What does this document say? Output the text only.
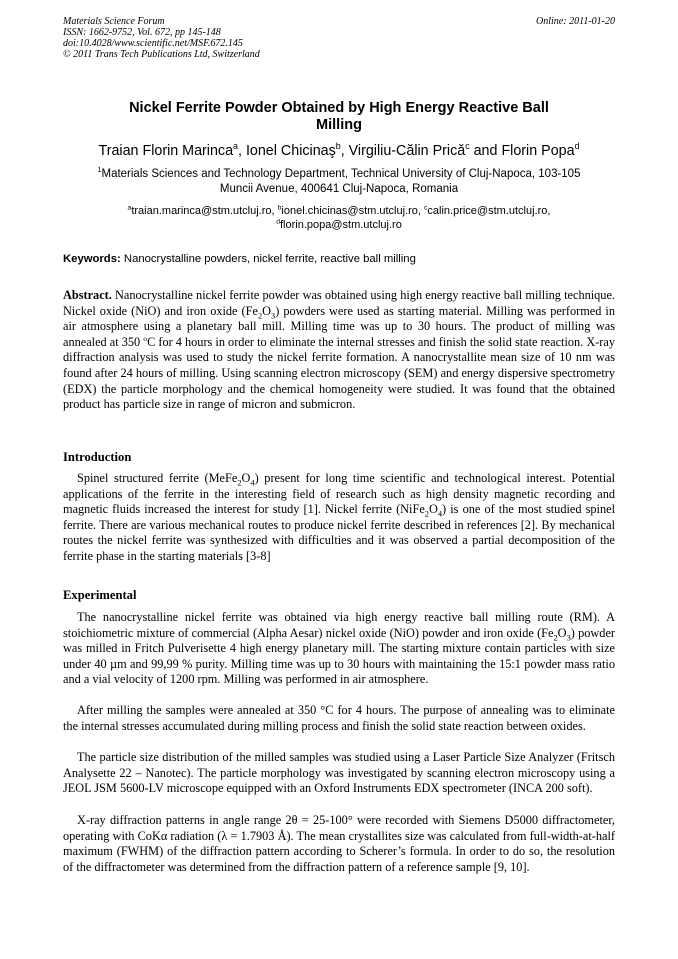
Materials Science Forum
ISSN: 1662-9752, Vol. 672, pp 145-148
doi:10.4028/www.scientific.net/MSF.672.145
© 2011 Trans Tech Publications Ltd, Switzerland
Online: 2011-01-20
Nickel Ferrite Powder Obtained by High Energy Reactive Ball
Milling
Traian Florin Marinca$^a$, Ionel Chicinaş$^b$, Virgiliu-Călin Pricǎ$^c$ and Florin Popa$^d$
$^1$Materials Sciences and Technology Department, Technical University of Cluj-Napoca, 103-105
Muncii Avenue, 400641 Cluj-Napoca, Romania
$^a$traian.marinca@stm.utcluj.ro, $^b$ionel.chicinas@stm.utcluj.ro, $^c$calin.price@stm.utcluj.ro,
$^d$florin.popa@stm.utcluj.ro
Keywords: Nanocrystalline powders, nickel ferrite, reactive ball milling

Abstract. Nanocrystalline nickel ferrite powder was obtained using high energy reactive ball milling technique. Nickel oxide (NiO) and iron oxide $(Fe_2O_3)$ powders were used as starting material. Milling was performed in air atmosphere using a planetary ball mill. Milling time was up to 30 hours. The product of milling was annealed at 350 $^o$C for 4 hours in order to eliminate the internal stresses and finish the solid state reaction. X-ray diffraction analysis was used to study the nickel ferrite formation. A nanocrystallite mean size of 10 nm was found after 24 hours of milling. Using scanning electron microscopy (SEM) and energy dispersive spectrometry (EDX) the particle morphology and the chemical homogeneity were studied. It was found that the obtained product has particle size in range of micron and submicron.

Introduction

Spinel structured ferrite $(MeFe_2O_4)$ present for long time scientific and technological interest. Potential applications of the ferrite in the interesting field of research such as high density magnetic recording and magnetic fluids increased the interest for study [1]. Nickel ferrite $(NiFe_2O_4)$ is one of the most studied spinel ferrite. There are various mechanical routes to produce nickel ferrite described in references [2]. By mechanical routes the nickel ferrite was synthesized with difficulties and it was observed a partial decomposition of the ferrite phase in the starting materials [3-8]

Experimental

The nanocrystalline nickel ferrite was obtained via high energy reactive ball milling route (RM). A stoichiometric mixture of commercial (Alpha Aesar) nickel oxide (NiO) powder and iron oxide $(Fe_2O_3)$ powder was milled in Fritch Pulverisette 4 high energy planetary mill. The starting mixture contain particles with size under 40 µm and 99,99 % purity. Milling time was up to 30 hours with maintaining the 15:1 powder mass ratio and a vial velocity of 1200 rpm. Milling was performed in air atmosphere.

After milling the samples were annealed at 350 °C for 4 hours. The purpose of annealing was to eliminate the internal stresses accumulated during milling process and finish the solid state reaction between oxides.

The particle size distribution of the milled samples was studied using a Laser Particle Size Analyzer (Fritsch Analysette 22 – Nanotec). The particle morphology was investigated by scanning electron microscopy using a JEOL JSM 5600-LV microscope equipped with an Oxford Instruments EDX spectrometer (INCA 200 soft).

X-ray diffraction patterns in angle range 2θ = 25-100° were recorded with Siemens D5000 diffractometer, operating with CoKα radiation (λ = 1.7903 Å). The mean crystallites size was calculated from full-width-at-half maximum (FWHM) of the diffraction pattern according to Scherer’s formula. In order to do so, the resolution of the diffractometer was determined from the diffraction pattern of a reference sample [9, 10].
